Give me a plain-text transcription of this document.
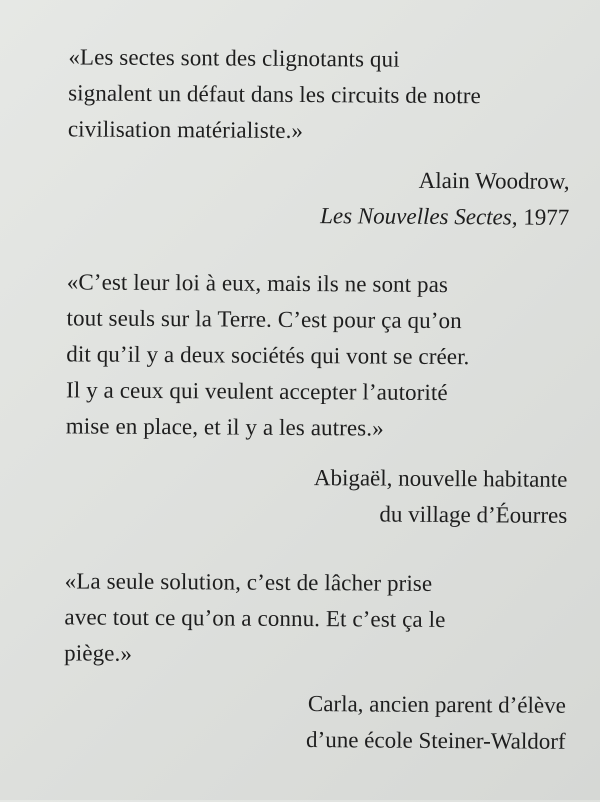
«Les sectes sont des clignotants qui
signalent un défaut dans les circuits de notre
civilisation matérialiste.»

Alain Woodrow,
Les Nouvelles Sectes, 1977

«C’est leur loi à eux, mais ils ne sont pas
tout seuls sur la Terre. C’est pour ça qu’on
dit qu’il y a deux sociétés qui vont se créer.
Il y a ceux qui veulent accepter l’autorité
mise en place, et il y a les autres.»

Abigaël, nouvelle habitante
du village d’Éourres

«La seule solution, c’est de lâcher prise
avec tout ce qu’on a connu. Et c’est ça le
piège.»

Carla, ancien parent d’élève
d’une école Steiner-Waldorf
